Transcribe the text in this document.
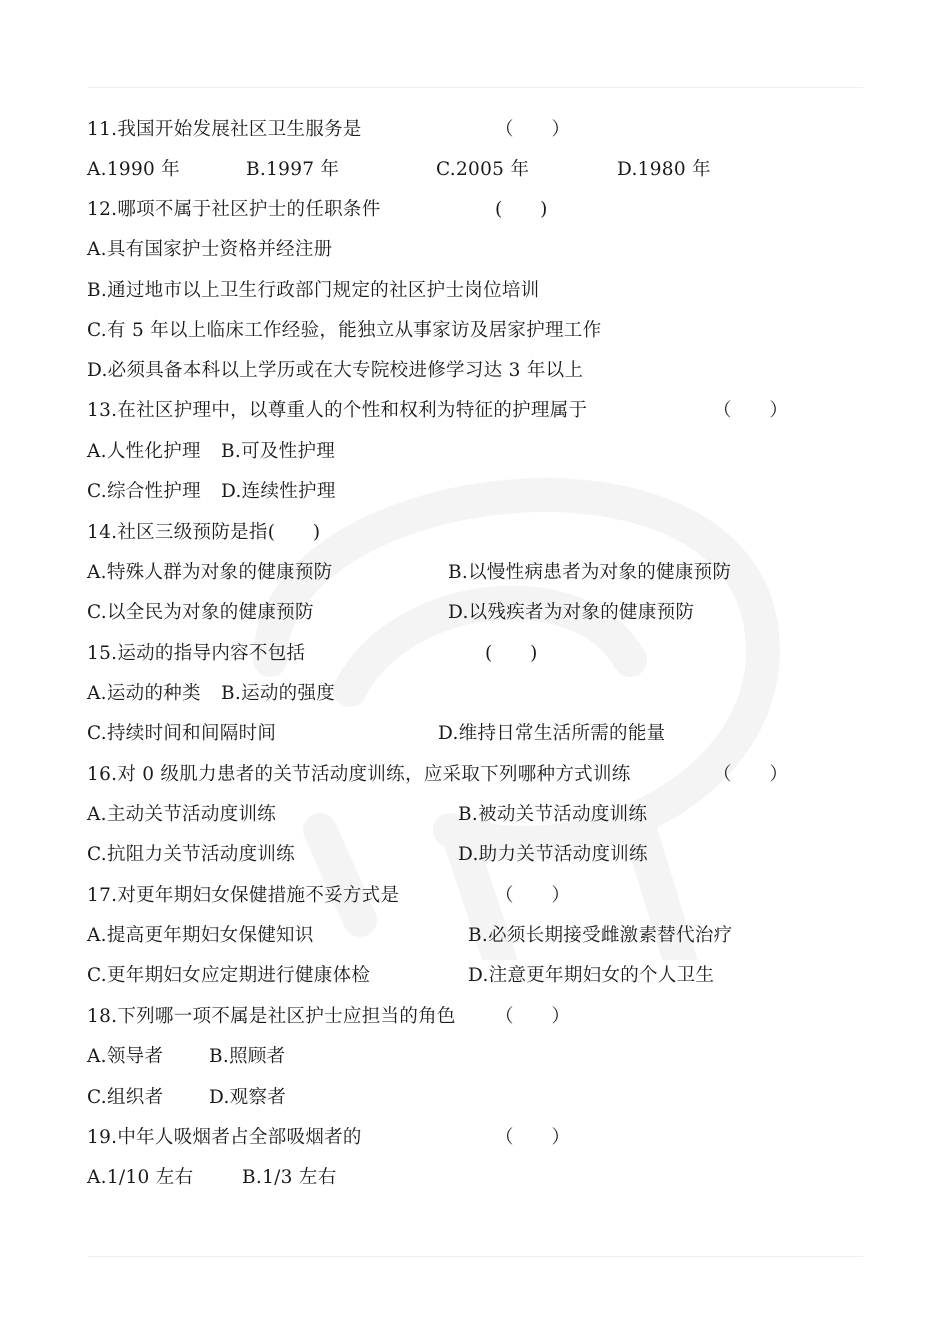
11.我国开始发展社区卫生服务是	（　　）
A.1990 年	B.1997 年	C.2005 年	D.1980 年
12.哪项不属于社区护士的任职条件	(　　)
A.具有国家护士资格并经注册
B.通过地市以上卫生行政部门规定的社区护士岗位培训
C.有 5 年以上临床工作经验，能独立从事家访及居家护理工作
D.必须具备本科以上学历或在大专院校进修学习达 3 年以上
13.在社区护理中，以尊重人的个性和权利为特征的护理属于	（　　）
A.人性化护理 B.可及性护理
C.综合性护理 D.连续性护理
14.社区三级预防是指(　　)
A.特殊人群为对象的健康预防	B.以慢性病患者为对象的健康预防
C.以全民为对象的健康预防	D.以残疾者为对象的健康预防
15.运动的指导内容不包括	(　　)
A.运动的种类 B.运动的强度
C.持续时间和间隔时间	D.维持日常生活所需的能量
16.对 0 级肌力患者的关节活动度训练，应采取下列哪种方式训练	（　　）
A.主动关节活动度训练	B.被动关节活动度训练
C.抗阻力关节活动度训练	D.助力关节活动度训练
17.对更年期妇女保健措施不妥方式是	（　　）
A.提高更年期妇女保健知识	B.必须长期接受雌激素替代治疗
C.更年期妇女应定期进行健康体检	D.注意更年期妇女的个人卫生
18.下列哪一项不属是社区护士应担当的角色 （　　）
A.领导者 B.照顾者
C.组织者 D.观察者
19.中年人吸烟者占全部吸烟者的	（　　）
A.1/10 左右	B.1/3 左右
